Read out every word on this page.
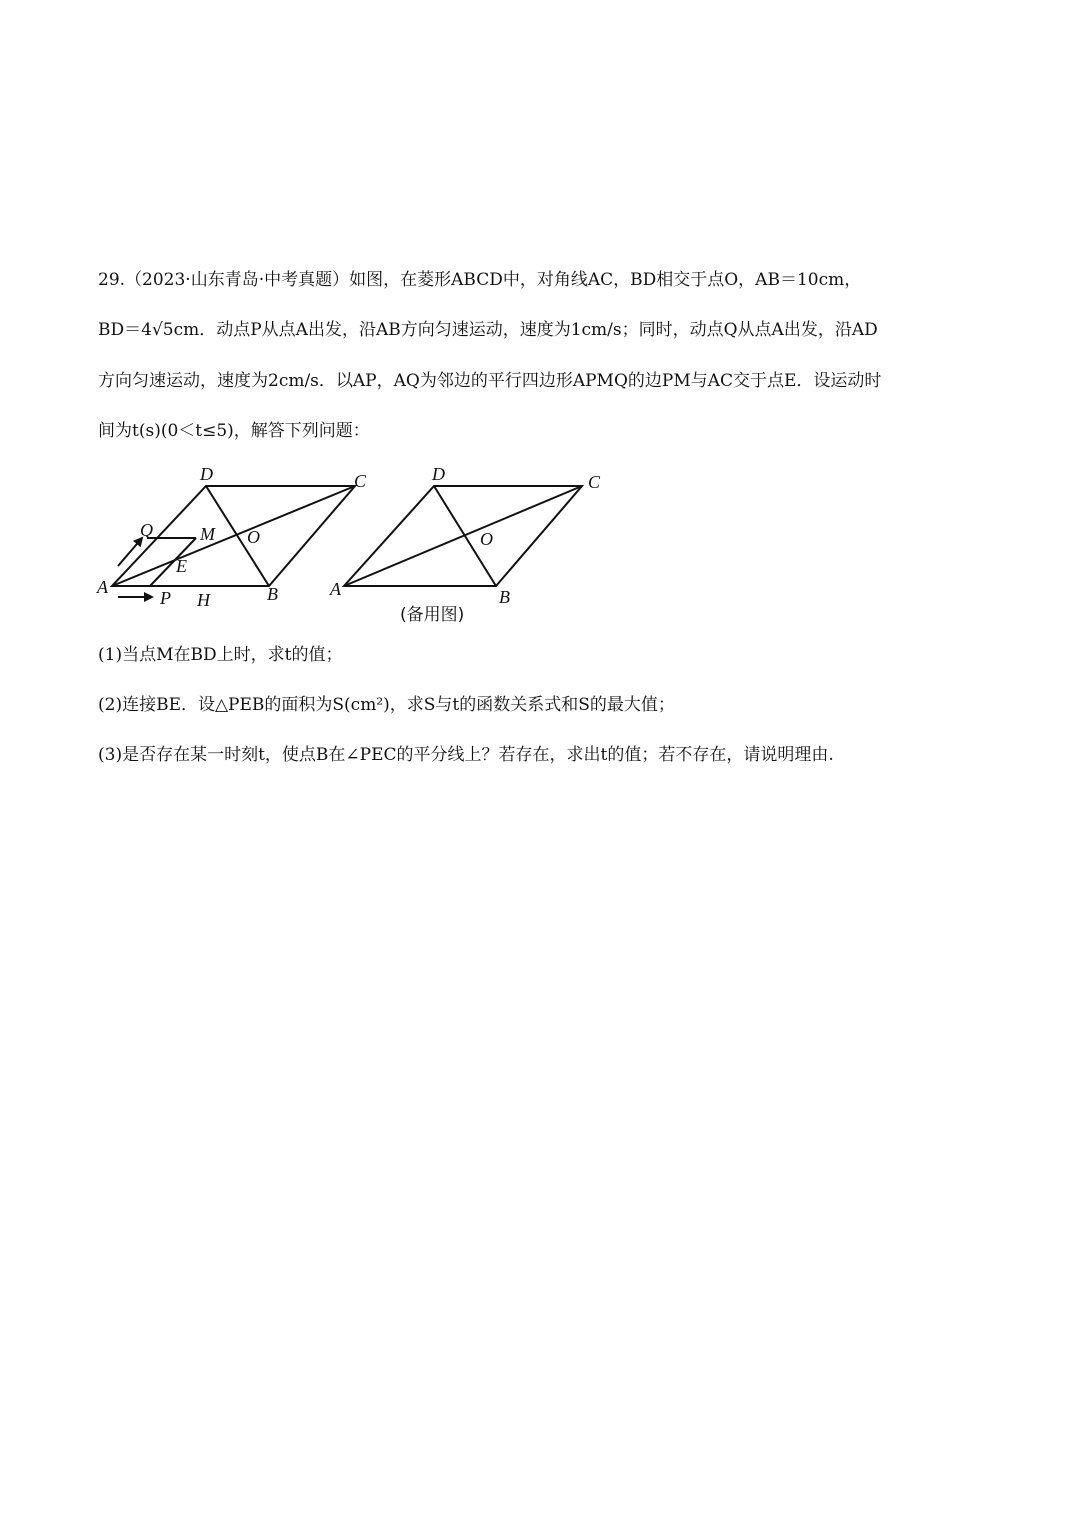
29.（2023·山东青岛·中考真题）如图，在菱形ABCD中，对角线AC，BD相交于点O，AB＝10cm，
BD＝4√5cm．动点P从点A出发，沿AB方向匀速运动，速度为1cm/s；同时，动点Q从点A出发，沿AD
方向匀速运动，速度为2cm/s．以AP，AQ为邻边的平行四边形APMQ的边PM与AC交于点E．设运动时
间为t(s)(0＜t≤5)，解答下列问题：
D	C
Q	M O
E
A
P H	B
D	C
O
A	B
(备用图)
(1)当点M在BD上时，求t的值；
(2)连接BE．设△PEB的面积为S(cm²)，求S与t的函数关系式和S的最大值；
(3)是否存在某一时刻t，使点B在∠PEC的平分线上？若存在，求出t的值；若不存在，请说明理由.
